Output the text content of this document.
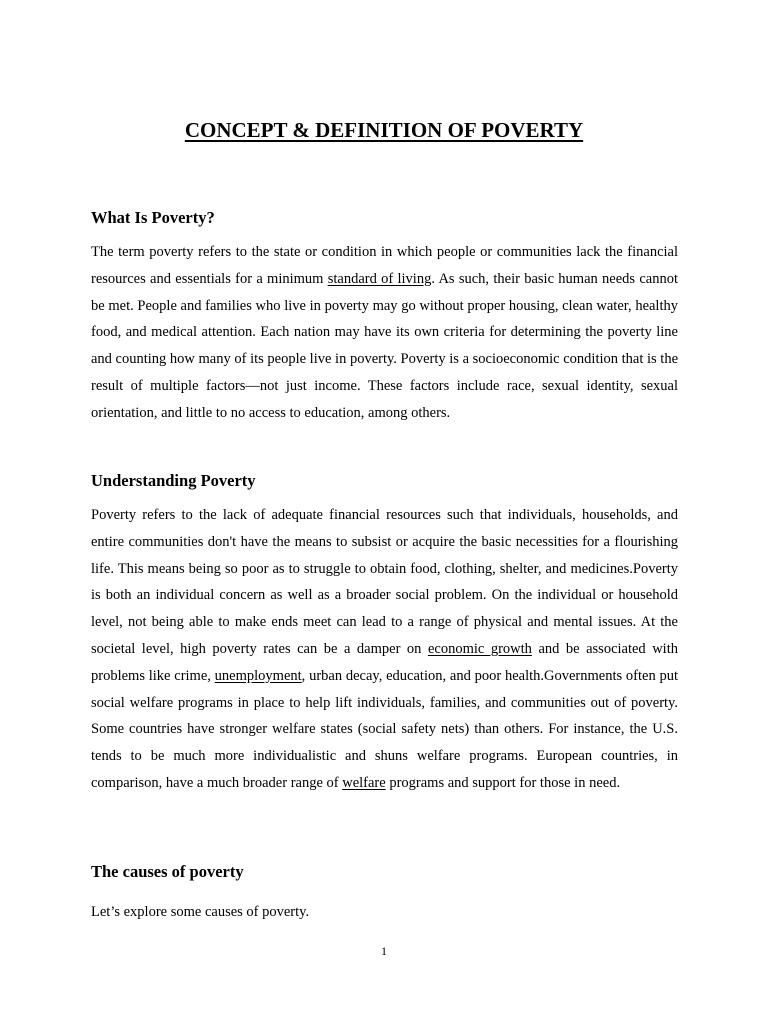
CONCEPT & DEFINITION OF POVERTY
What Is Poverty?

The term poverty refers to the state or condition in which people or communities lack the financial resources and essentials for a minimum standard of living. As such, their basic human needs cannot be met. People and families who live in poverty may go without proper housing, clean water, healthy food, and medical attention. Each nation may have its own criteria for determining the poverty line and counting how many of its people live in poverty. Poverty is a socioeconomic condition that is the result of multiple factors—not just income. These factors include race, sexual identity, sexual orientation, and little to no access to education, among others.

Understanding Poverty

Poverty refers to the lack of adequate financial resources such that individuals, households, and entire communities don't have the means to subsist or acquire the basic necessities for a flourishing life. This means being so poor as to struggle to obtain food, clothing, shelter, and medicines.Poverty is both an individual concern as well as a broader social problem. On the individual or household level, not being able to make ends meet can lead to a range of physical and mental issues. At the societal level, high poverty rates can be a damper on economic growth and be associated with problems like crime, unemployment, urban decay, education, and poor health.Governments often put social welfare programs in place to help lift individuals, families, and communities out of poverty. Some countries have stronger welfare states (social safety nets) than others. For instance, the U.S. tends to be much more individualistic and shuns welfare programs. European countries, in comparison, have a much broader range of welfare programs and support for those in need.

The causes of poverty

Let’s explore some causes of poverty.

1
